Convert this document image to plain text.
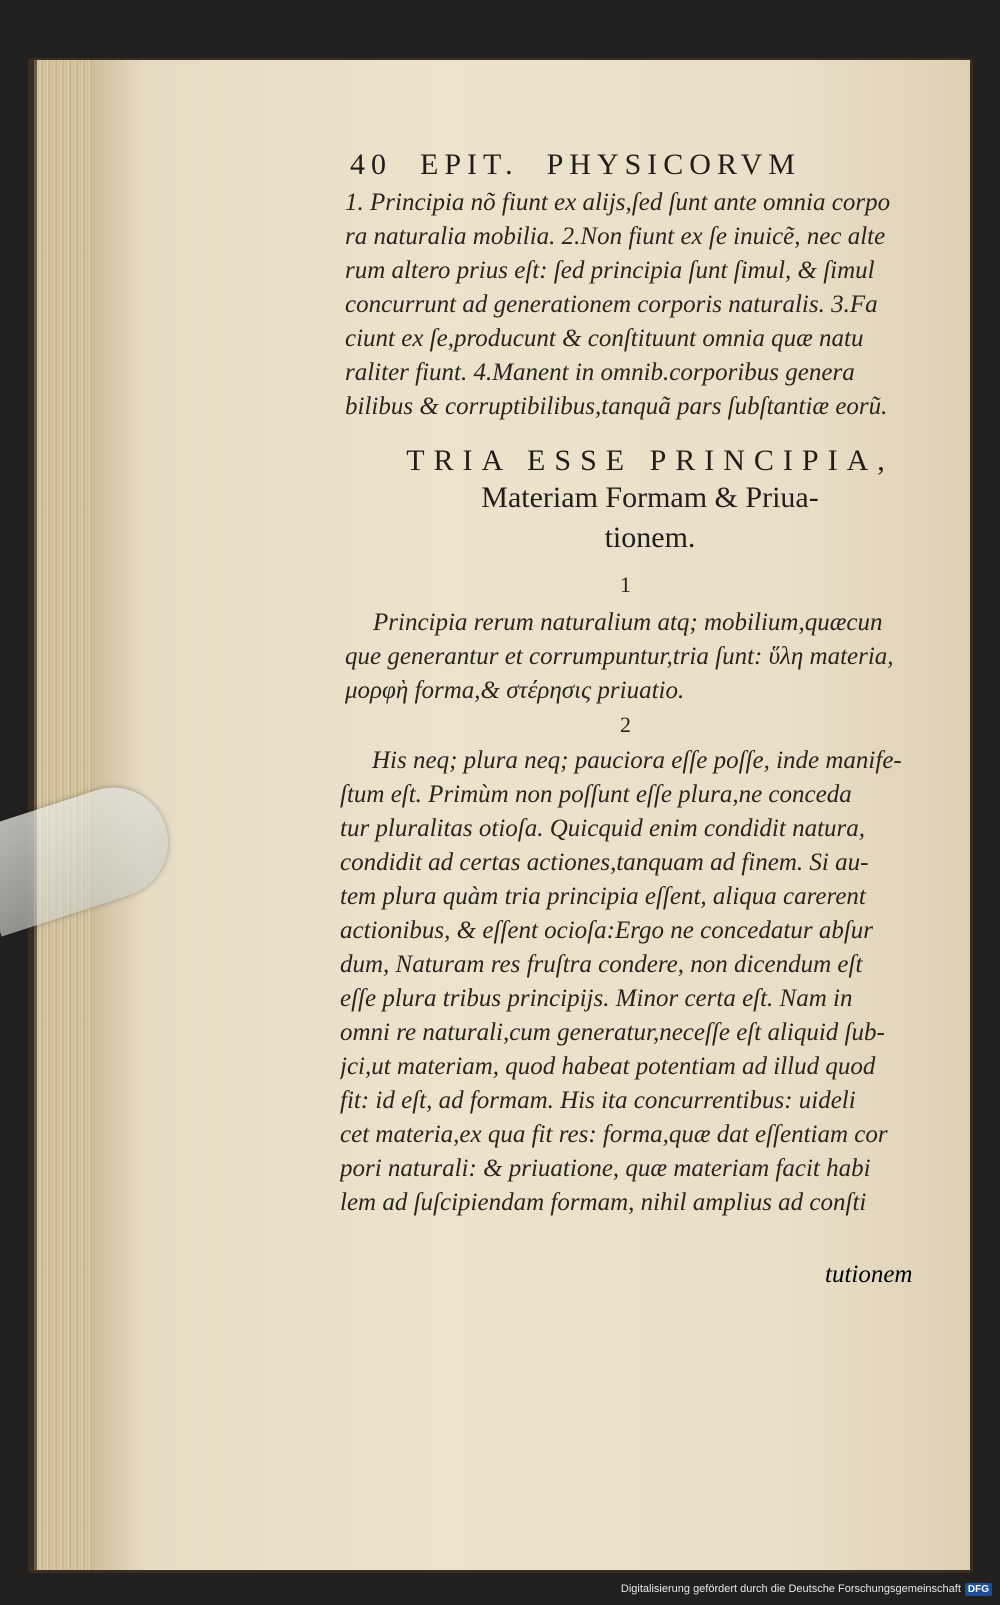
40 EPIT. PHYSICORVM
1. Principia nõ fiunt ex alijs,ſed ſunt ante omnia corpo
ra naturalia mobilia. 2.Non fiunt ex ſe inuicẽ, nec alte
rum altero prius eſt: ſed principia ſunt ſimul, & ſimul
concurrunt ad generationem corporis naturalis. 3.Fa
ciunt ex ſe,producunt & conſtituunt omnia quæ natu
raliter fiunt. 4.Manent in omnib.corporibus genera
bilibus & corruptibilibus,tanquã pars ſubſtantiæ eorũ.
TRIA ESSE PRINCIPIA,
Materiam Formam & Priua-
tionem.
1
Principia rerum naturalium atq; mobilium,quæcun
que generantur et corrumpuntur,tria ſunt: ὕλη materia,
μορφὴ forma,& στέρησις priuatio.
2
His neq; plura neq; pauciora eſſe poſſe, inde manife-
ſtum eſt. Primùm non poſſunt eſſe plura,ne conceda
tur pluralitas otioſa. Quicquid enim condidit natura,
condidit ad certas actiones,tanquam ad finem. Si au-
tem plura quàm tria principia eſſent, aliqua carerent
actionibus, & eſſent ocioſa:Ergo ne concedatur abſur
dum, Naturam res fruſtra condere, non dicendum eſt
eſſe plura tribus principijs. Minor certa eſt. Nam in
omni re naturali,cum generatur,neceſſe eſt aliquid ſub-
jci,ut materiam, quod habeat potentiam ad illud quod
fit: id eſt, ad formam. His ita concurrentibus: uideli
cet materia,ex qua fit res: forma,quæ dat eſſentiam cor
pori naturali: & priuatione, quæ materiam facit habi
lem ad ſuſcipiendam formam, nihil amplius ad conſti
tutionem
Digitalisierung gefördert durch die Deutsche Forschungsgemeinschaft DFG
